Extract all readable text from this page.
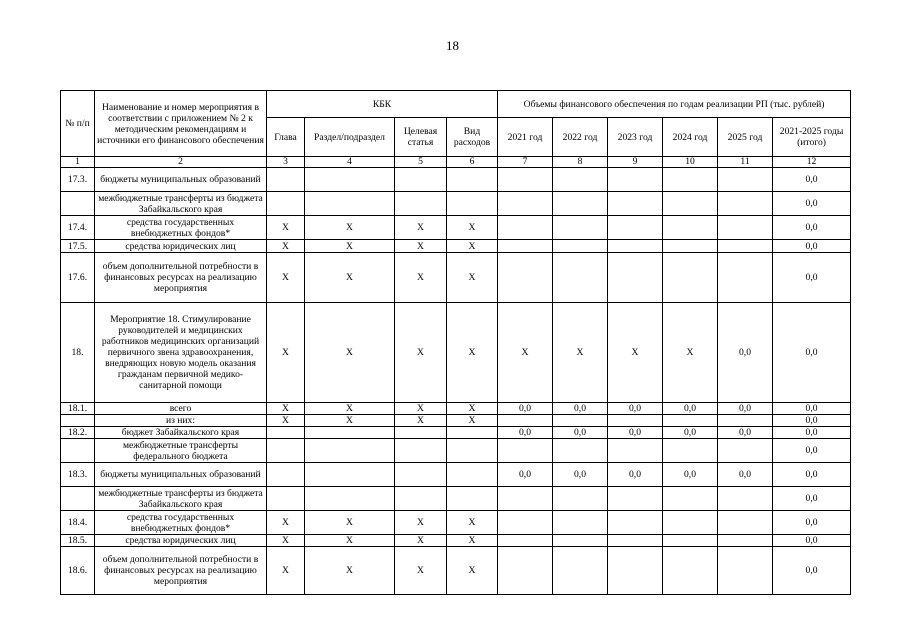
18
№ п/п	Наименование и номер мероприятия в соответствии с приложением № 2 к методическим рекомендациям и источники его финансового обеспечения	КБК				Объемы финансового обеспечения по годам реализации РП (тыс. рублей)					
		Глава	Раздел/подраздел	Целевая статья	Вид расходов	2021 год	2022 год	2023 год	2024 год	2025 год	2021-2025 годы (итого)
1	2	3	4	5	6	7	8	9	10	11	12
17.3.	бюджеты муниципальных образований										0,0
	межбюджетные трансферты из бюджета Забайкальского края										0,0
17.4.	средства государственных внебюджетных фондов*	X	X	X	X						0,0
17.5.	средства юридических лиц	X	X	X	X						0,0
17.6.	объем дополнительной потребности в финансовых ресурсах на реализацию мероприятия	X	X	X	X						0,0
18.	Мероприятие 18. Стимулирование руководителей и медицинских работников медицинских организаций первичного звена здравоохранения, внедряющих новую модель оказания гражданам первичной медико-санитарной помощи	X	X	X	X	X	X	X	X	0,0	0,0
18.1.	всего	X	X	X	X	0,0	0,0	0,0	0,0	0,0	0,0
	из них:	X	X	X	X						0,0
18.2.	бюджет Забайкальского края					0,0	0,0	0,0	0,0	0,0	0,0
	межбюджетные трансферты федерального бюджета										0,0
18.3.	бюджеты муниципальных образований					0,0	0,0	0,0	0,0	0,0	0,0
	межбюджетные трансферты из бюджета Забайкальского края										0,0
18.4.	средства государственных внебюджетных фондов*	X	X	X	X						0,0
18.5.	средства юридических лиц	X	X	X	X						0,0
18.6.	объем дополнительной потребности в финансовых ресурсах на реализацию мероприятия	X	X	X	X						0,0
